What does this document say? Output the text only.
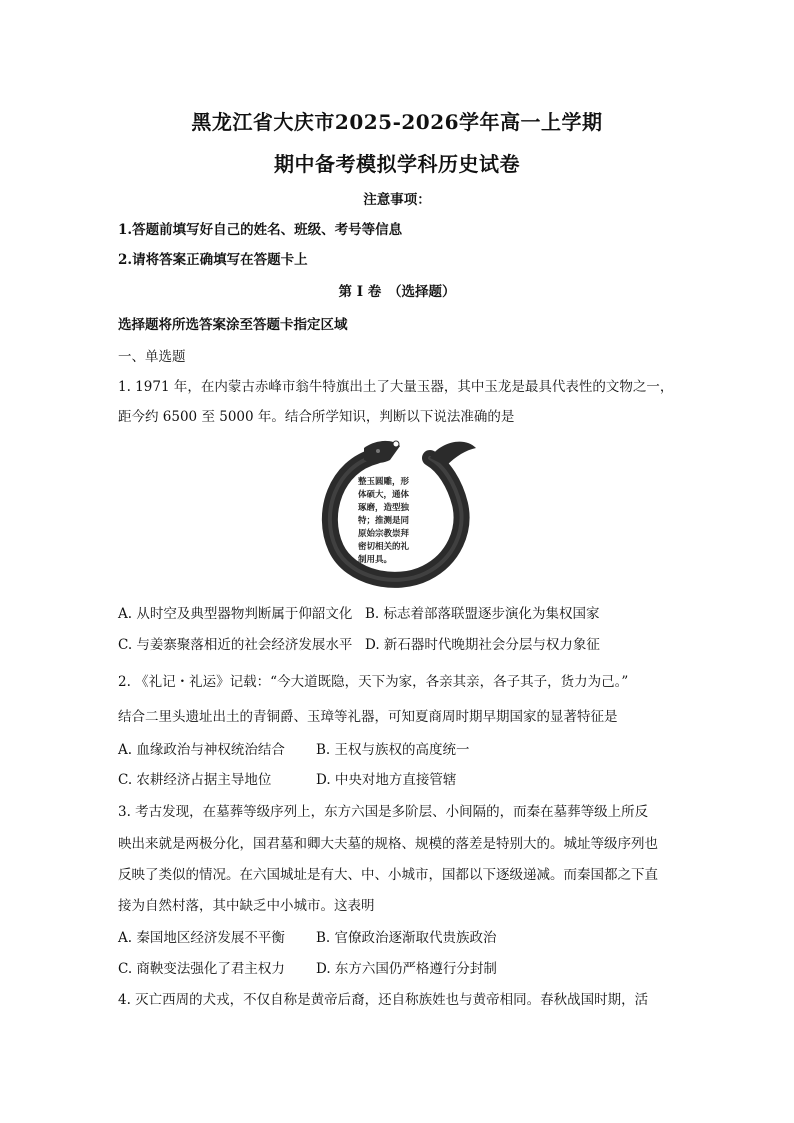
黑龙江省大庆市2025-2026学年高一上学期
期中备考模拟学科历史试卷
注意事项：
1.答题前填写好自己的姓名、班级、考号等信息
2.请将答案正确填写在答题卡上
第 I 卷　（选择题）
选择题将所选答案涂至答题卡指定区域
一、单选题
1. 1971 年，在内蒙古赤峰市翁牛特旗出土了大量玉器，其中玉龙是最具代表性的文物之一，
距今约 6500 至 5000 年。结合所学知识，判断以下说法准确的是
整玉圆雕，形
体硕大，通体
琢磨，造型独
特；推测是同
原始宗教崇拜
密切相关的礼
制用具。
A. 从时空及典型器物判断属于仰韶文化 B. 标志着部落联盟逐步演化为集权国家
C. 与姜寨聚落相近的社会经济发展水平 D. 新石器时代晚期社会分层与权力象征
2. 《礼记・礼运》记载：“今大道既隐，天下为家，各亲其亲，各子其子，货力为己。”
结合二里头遗址出土的青铜爵、玉璋等礼器，可知夏商周时期早期国家的显著特征是
A. 血缘政治与神权统治结合 B. 王权与族权的高度统一
C. 农耕经济占据主导地位	D. 中央对地方直接管辖
3. 考古发现，在墓葬等级序列上，东方六国是多阶层、小间隔的，而秦在墓葬等级上所反
映出来就是两极分化，国君墓和卿大夫墓的规格、规模的落差是特别大的。城址等级序列也
反映了类似的情况。在六国城址是有大、中、小城市，国都以下逐级递减。而秦国都之下直
接为自然村落，其中缺乏中小城市。这表明
A. 秦国地区经济发展不平衡 B. 官僚政治逐渐取代贵族政治
C. 商鞅变法强化了君主权力 D. 东方六国仍严格遵行分封制
4. 灭亡西周的犬戎，不仅自称是黄帝后裔，还自称族姓也与黄帝相同。春秋战国时期，活
